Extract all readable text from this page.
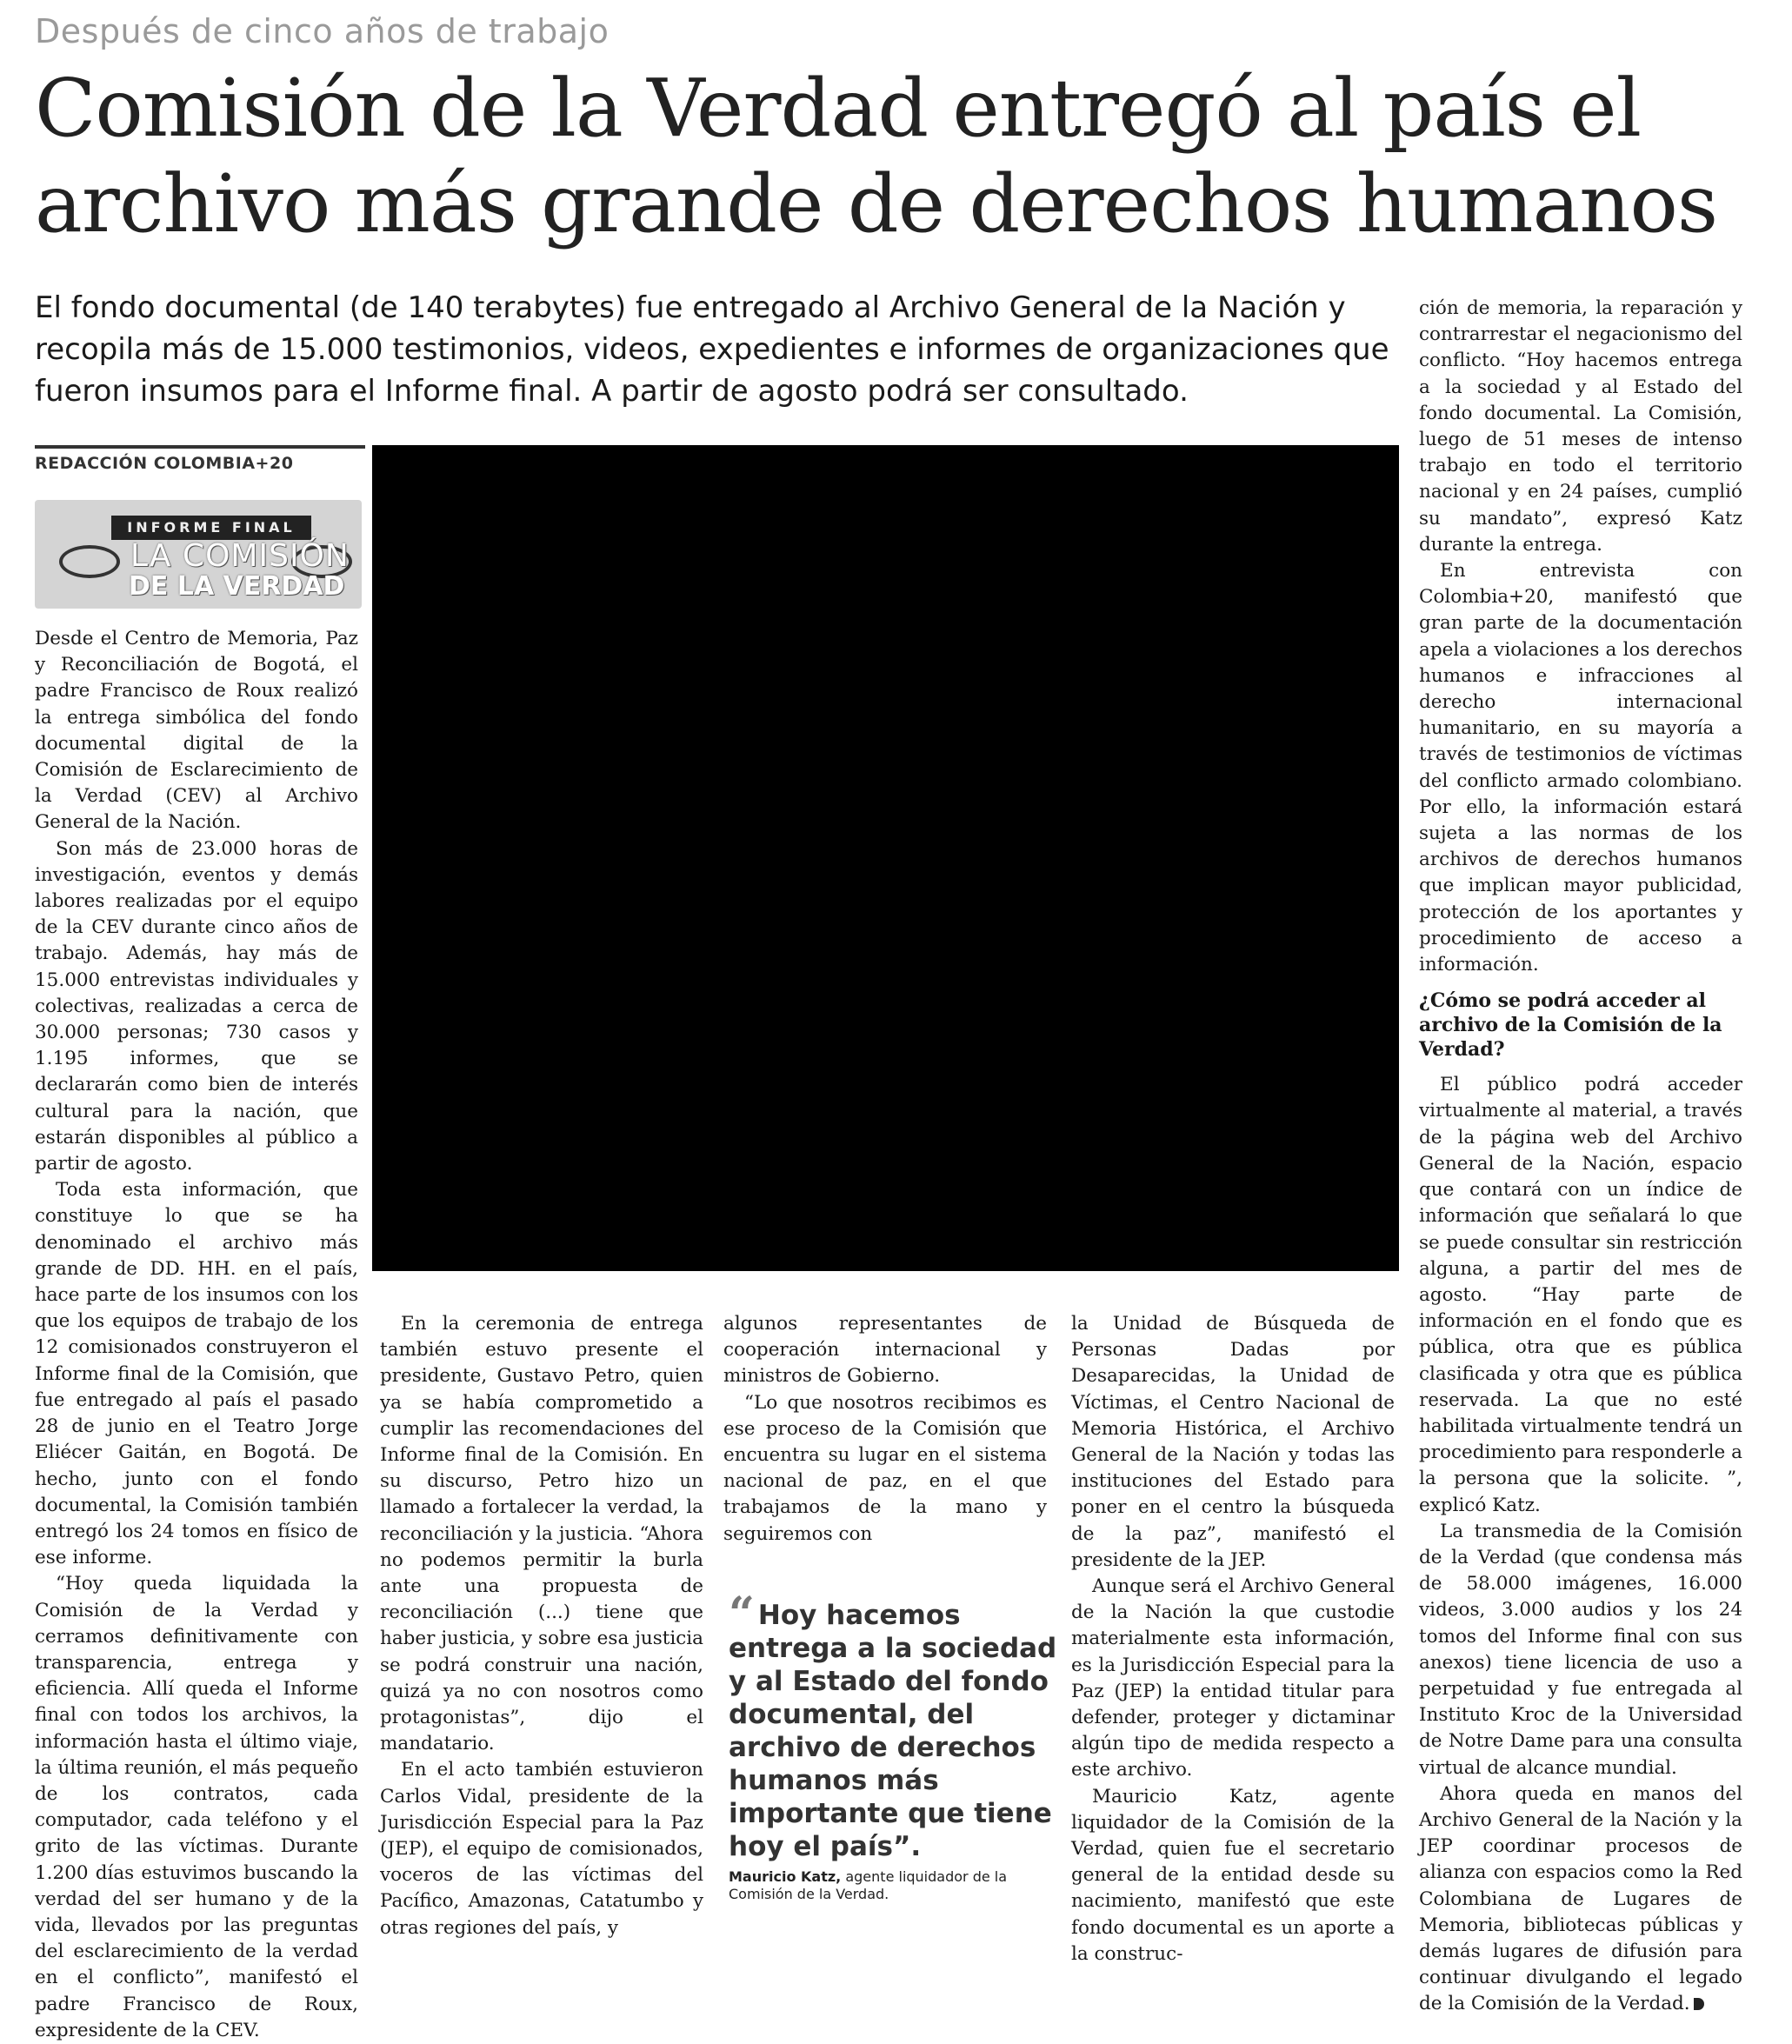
Después de cinco años de trabajo
Comisión de la Verdad entregó al país el archivo más grande de derechos humanos
El fondo documental (de 140 terabytes) fue entregado al Archivo General de la Nación y recopila más de 15.000 testimonios, videos, expedientes e informes de organizaciones que fueron insumos para el Informe final. A partir de agosto podrá ser consultado.
REDACCIÓN COLOMBIA+20
INFORME FINAL
LA COMISIÓN
DE LA VERDAD

Desde el Centro de Memoria, Paz y Reconciliación de Bogotá, el padre Francisco de Roux realizó la entrega simbólica del fondo documental digital de la Comisión de Esclarecimiento de la Verdad (CEV) al Archivo General de la Nación.

Son más de 23.000 horas de investigación, eventos y demás labores realizadas por el equipo de la CEV durante cinco años de trabajo. Además, hay más de 15.000 entrevistas individuales y colectivas, realizadas a cerca de 30.000 personas; 730 casos y 1.195 informes, que se declararán como bien de interés cultural para la nación, que estarán disponibles al público a partir de agosto.

Toda esta información, que constituye lo que se ha denominado el archivo más grande de DD. HH. en el país, hace parte de los insumos con los que los equipos de trabajo de los 12 comisionados construyeron el Informe final de la Comisión, que fue entregado al país el pasado 28 de junio en el Teatro Jorge Eliécer Gaitán, en Bogotá. De hecho, junto con el fondo documental, la Comisión también entregó los 24 tomos en físico de ese informe.

“Hoy queda liquidada la Comisión de la Verdad y cerramos definitivamente con transparencia, entrega y eficiencia. Allí queda el Informe final con todos los archivos, la información hasta el último viaje, la última reunión, el más pequeño de los contratos, cada computador, cada teléfono y el grito de las víctimas. Durante 1.200 días estuvimos buscando la verdad del ser humano y de la vida, llevados por las preguntas del esclarecimiento de la verdad en el conflicto”, manifestó el padre Francisco de Roux, expresidente de la CEV.

En la ceremonia de entrega también estuvo presente el presidente, Gustavo Petro, quien ya se había comprometido a cumplir las recomendaciones del Informe final de la Comisión. En su discurso, Petro hizo un llamado a fortalecer la verdad, la reconciliación y la justicia. “Ahora no podemos permitir la burla ante una propuesta de reconciliación (...) tiene que haber justicia, y sobre esa justicia se podrá construir una nación, quizá ya no con nosotros como protagonistas”, dijo el mandatario.

En el acto también estuvieron Carlos Vidal, presidente de la Jurisdicción Especial para la Paz (JEP), el equipo de comisionados, voceros de las víctimas del Pacífico, Amazonas, Catatumbo y otras regiones del país, y

algunos representantes de cooperación internacional y ministros de Gobierno.

“Lo que nosotros recibimos es ese proceso de la Comisión que encuentra su lugar en el sistema nacional de paz, en el que trabajamos de la mano y seguiremos con

“ Hoy hacemos entrega a la sociedad y al Estado del fondo documental, del archivo de derechos humanos más importante que tiene hoy el país”.
Mauricio Katz, agente liquidador de la Comisión de la Verdad.

la Unidad de Búsqueda de Personas Dadas por Desaparecidas, la Unidad de Víctimas, el Centro Nacional de Memoria Histórica, el Archivo General de la Nación y todas las instituciones del Estado para poner en el centro la búsqueda de la paz”, manifestó el presidente de la JEP.

Aunque será el Archivo General de la Nación la que custodie materialmente esta información, es la Jurisdicción Especial para la Paz (JEP) la entidad titular para defender, proteger y dictaminar algún tipo de medida respecto a este archivo.

Mauricio Katz, agente liquidador de la Comisión de la Verdad, quien fue el secretario general de la entidad desde su nacimiento, manifestó que este fondo documental es un aporte a la construc-

ción de memoria, la reparación y contrarrestar el negacionismo del conflicto. “Hoy hacemos entrega a la sociedad y al Estado del fondo documental. La Comisión, luego de 51 meses de intenso trabajo en todo el territorio nacional y en 24 países, cumplió su mandato”, expresó Katz durante la entrega.

En entrevista con Colombia+20, manifestó que gran parte de la documentación apela a violaciones a los derechos humanos e infracciones al derecho internacional humanitario, en su mayoría a través de testimonios de víctimas del conflicto armado colombiano. Por ello, la información estará sujeta a las normas de los archivos de derechos humanos que implican mayor publicidad, protección de los aportantes y procedimiento de acceso a información.

¿Cómo se podrá acceder al archivo de la Comisión de la Verdad?

El público podrá acceder virtualmente al material, a través de la página web del Archivo General de la Nación, espacio que contará con un índice de información que señalará lo que se puede consultar sin restricción alguna, a partir del mes de agosto. “Hay parte de información en el fondo que es pública, otra que es pública clasificada y otra que es pública reservada. La que no esté habilitada virtualmente tendrá un procedimiento para responderle a la persona que la solicite. ”, explicó Katz.

La transmedia de la Comisión de la Verdad (que condensa más de 58.000 imágenes, 16.000 videos, 3.000 audios y los 24 tomos del Informe final con sus anexos) tiene licencia de uso a perpetuidad y fue entregada al Instituto Kroc de la Universidad de Notre Dame para una consulta virtual de alcance mundial.

Ahora queda en manos del Archivo General de la Nación y la JEP coordinar procesos de alianza con espacios como la Red Colombiana de Lugares de Memoria, bibliotecas públicas y demás lugares de difusión para continuar divulgando el legado de la Comisión de la Verdad.
